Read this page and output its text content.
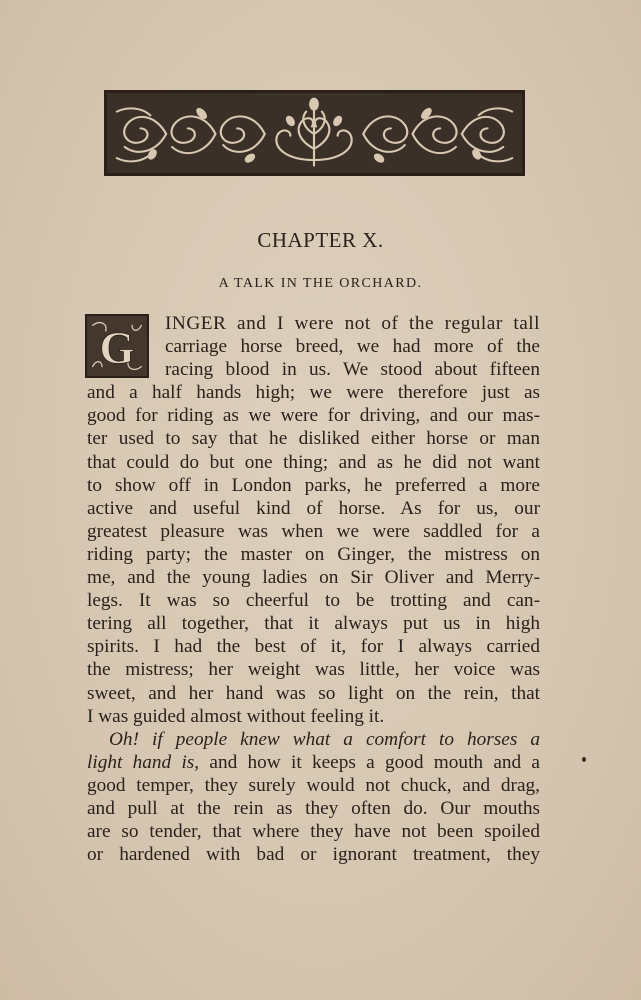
CHAPTER X.
A TALK IN THE ORCHARD.
G	INGER and I were not of the regular tall
carriage horse breed, we had more of the
racing blood in us. We stood about fifteen
and a half hands high; we were therefore just as
good for riding as we were for driving, and our mas-
ter used to say that he disliked either horse or man
that could do but one thing; and as he did not want
to show off in London parks, he preferred a more
active and useful kind of horse. As for us, our
greatest pleasure was when we were saddled for a
riding party; the master on Ginger, the mistress on
me, and the young ladies on Sir Oliver and Merry-
legs. It was so cheerful to be trotting and can-
tering all together, that it always put us in high
spirits. I had the best of it, for I always carried
the mistress; her weight was little, her voice was
sweet, and her hand was so light on the rein, that
I was guided almost without feeling it.
Oh! if people knew what a comfort to horses a
light hand is, and how it keeps a good mouth and a
good temper, they surely would not chuck, and drag,
and pull at the rein as they often do. Our mouths
are so tender, that where they have not been spoiled
or hardened with bad or ignorant treatment, they
